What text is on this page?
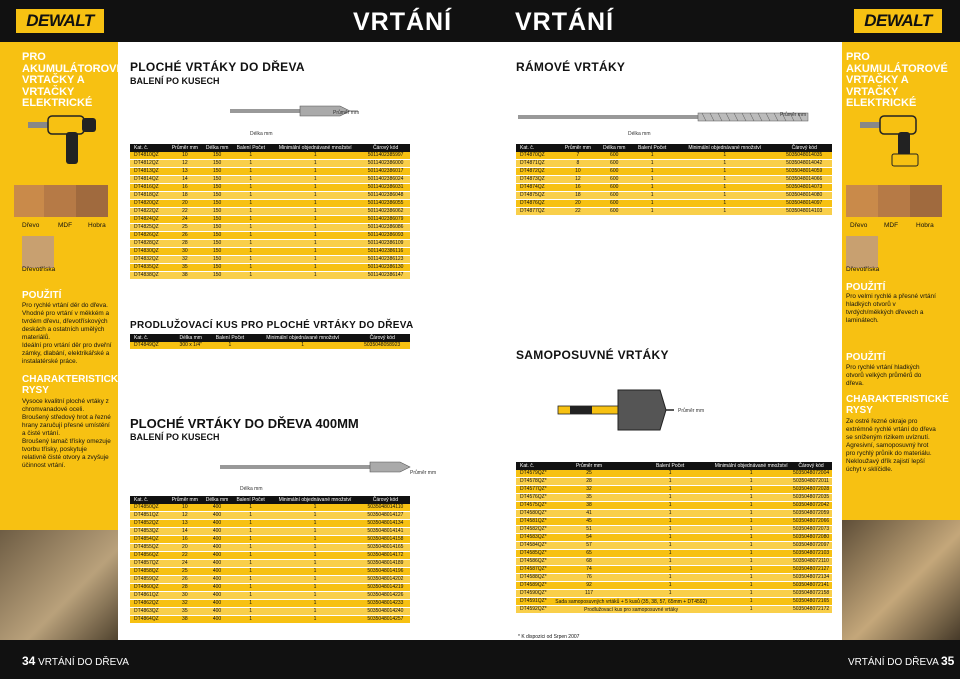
DEWALT	DEWALT
VRTÁNÍ	VRTÁNÍ
PRO AKUMULÁTOROVÉ VRTAČKY A VRTAČKY ELEKTRICKÉ
Dřevo	MDF Hobra
Dřevotříska
POUŽITÍ
Pro rychlé vrtání děr do dřeva.
Vhodné pro vrtání v měkkém a tvrdém dřevu, dřevotřískových deskách a ostatních umělých materiálů.
Ideální pro vrtání děr pro dveřní zámky, dlabání, elektrikářské a instalatérské práce.
CHARAKTERISTICKÉ RYSY
Vysoce kvalitní ploché vrtáky z chromvanadové oceli.
Broušený středový hrot a řezné hrany zaručují přesné umístění a čisté vrtání.
Broušený lamač třísky omezuje tvorbu třísky, poskytuje relativně čisté otvory a zvyšuje účinnost vrtání.
PRO AKUMULÁTOROVÉ VRTAČKY A VRTAČKY ELEKTRICKÉ
Dřevo	MDF	Hobra
Dřevotříska
POUŽITÍ
Pro velmi rychlé a přesné vrtání hladkých otvorů v tvrdých/měkkých dřevech a laminátech.
POUŽITÍ
Pro rychlé vrtání hladkých otvorů velkých průměrů do dřeva.
CHARAKTERISTICKÉ RYSY
Ze ostré řezné okraje pro extrémně rychlé vrtání do dřeva se sníženým rizikem uvíznutí.
Agresivní, samoposuvný hrot pro rychlý průnik do materiálu.
Nekloužavý dřík zajistí lepší úchyt v sklíčidle.
PLOCHÉ VRTÁKY DO DŘEVA
BALENÍ PO KUSECH
Průměr mm
Délka mm
Kat. č.	Průměr mm	Délka mm	Balení Počet	Minimální objednávané množství	Čárový kód
DT4810QZ	10	150	1	1	5011402385997
DT4812QZ	12	150	1	1	5011402386000
DT4813QZ	13	150	1	1	5011402386017
DT4814QZ	14	150	1	1	5011402386024
DT4816QZ	16	150	1	1	5011402386031
DT4818QZ	18	150	1	1	5011402386048
DT4820QZ	20	150	1	1	5011402386055
DT4822QZ	22	150	1	1	5011402386062
DT4824QZ	24	150	1	1	5011402386079
DT4825QZ	25	150	1	1	5011402386086
DT4826QZ	26	150	1	1	5011402386093
DT4828QZ	28	150	1	1	5011402386109
DT4830QZ	30	150	1	1	5011402386116
DT4832QZ	32	150	1	1	5011402386123
DT4835QZ	35	150	1	1	5011402386130
DT4838QZ	38	150	1	1	5011402386147
PRODLUŽOVACÍ KUS PRO PLOCHÉ VRTÁKY DO DŘEVA
Kat. č.	Délka mm	Balení Počet	Minimální objednávané množství	Čárový kód
DT4849QZ	300 x 1/4"	1	1	5035048058923
PLOCHÉ VRTÁKY DO DŘEVA 400MM
BALENÍ PO KUSECH
Průměr mm
Délka mm
Kat. č.	Průměr mm	Délka mm	Balení Počet	Minimální objednávané množství	Čárový kód
DT4850QZ	10	400	1	1	5035048014110
DT4851QZ	12	400	1	1	5035048014127
DT4852QZ	13	400	1	1	5035048014134
DT4853QZ	14	400	1	1	5035048014141
DT4854QZ	16	400	1	1	5035048014158
DT4855QZ	20	400	1	1	5035048014165
DT4856QZ	22	400	1	1	5035048014172
DT4857QZ	24	400	1	1	5035048014189
DT4858QZ	25	400	1	1	5035048014196
DT4859QZ	26	400	1	1	5035048014202
DT4860QZ	28	400	1	1	5035048014219
DT4861QZ	30	400	1	1	5035048014226
DT4862QZ	32	400	1	1	5035048014233
DT4863QZ	35	400	1	1	5035048014240
DT4864QZ	38	400	1	1	5035048014257
RÁMOVÉ VRTÁKY
Průměr mm
Délka mm
Kat. č.	Průměr mm	Délka mm	Balení Počet	Minimální objednávané množství	Čárový kód
DT4870QZ	7	600	1	1	5035048014035
DT4871QZ	8	600	1	1	5035048014042
DT4872QZ	10	600	1	1	5035048014059
DT4873QZ	12	600	1	1	5035048014066
DT4874QZ	16	600	1	1	5035048014073
DT4875QZ	18	600	1	1	5035048014080
DT4876QZ	20	600	1	1	5035048014097
DT4877QZ	22	600	1	1	5035048014103
SAMOPOSUVNÉ VRTÁKY
Průměr mm
Kat. č.	Průměr mm	Balení Počet	Minimální objednávané množství	Čárový kód
DT4579QZ*	25	1	1	5035048072004
DT4578QZ*	28	1	1	5035048072011
DT4577QZ*	32	1	1	5035048072028
DT4576QZ*	35	1	1	5035048072035
DT4575QZ*	38	1	1	5035048072042
DT4580QZ*	41	1	1	5035048072059
DT4581QZ*	45	1	1	5035048072066
DT4582QZ*	51	1	1	5035048072073
DT4583QZ*	54	1	1	5035048072080
DT4584QZ*	57	1	1	5035048072097
DT4585QZ*	65	1	1	5035048072103
DT4586QZ*	68	1	1	5035048072110
DT4587QZ*	74	1	1	5035048072127
DT4588QZ*	76	1	1	5035048072134
DT4589QZ*	92	1	1	5035048072141
DT4590QZ*	117	1	1	5035048072158
DT4591QZ*	Sada samoposuvných vrtáků + 5 kusů (35, 38, 57, 65mm + DT4592)		1	5035048072165
DT4592QZ*	Prodlužovací kus pro samoposuvné vrtáky		1	5035048072172
* K dispozici od Srpen 2007
34 VRTÁNÍ DO DŘEVA	VRTÁNÍ DO DŘEVA 35
